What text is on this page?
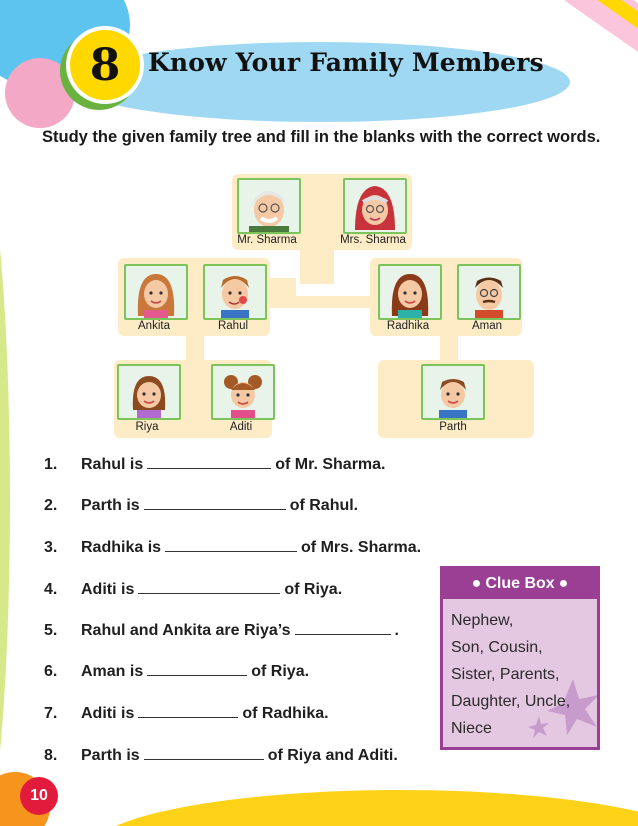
8	Know Your Family Members
Study the given family tree and fill in the blanks with the correct words.
Mr. Sharma	Mrs. Sharma
Ankita	Rahul	Radhika	Aman
Riya	Aditi	Parth
1. Rahul is	of Mr. Sharma.
2. Parth is	of Rahul.
3. Radhika is	of Mrs. Sharma.
4. Aditi is	of Riya.
5. Rahul and Ankita are Riya’s	.
6. Aman is	of Riya.
7. Aditi is	of Radhika.
8. Parth is	of Riya and Aditi.
● Clue Box ●
Nephew,
Son, Cousin,
Sister, Parents,
Daughter, Uncle,
Niece
10
